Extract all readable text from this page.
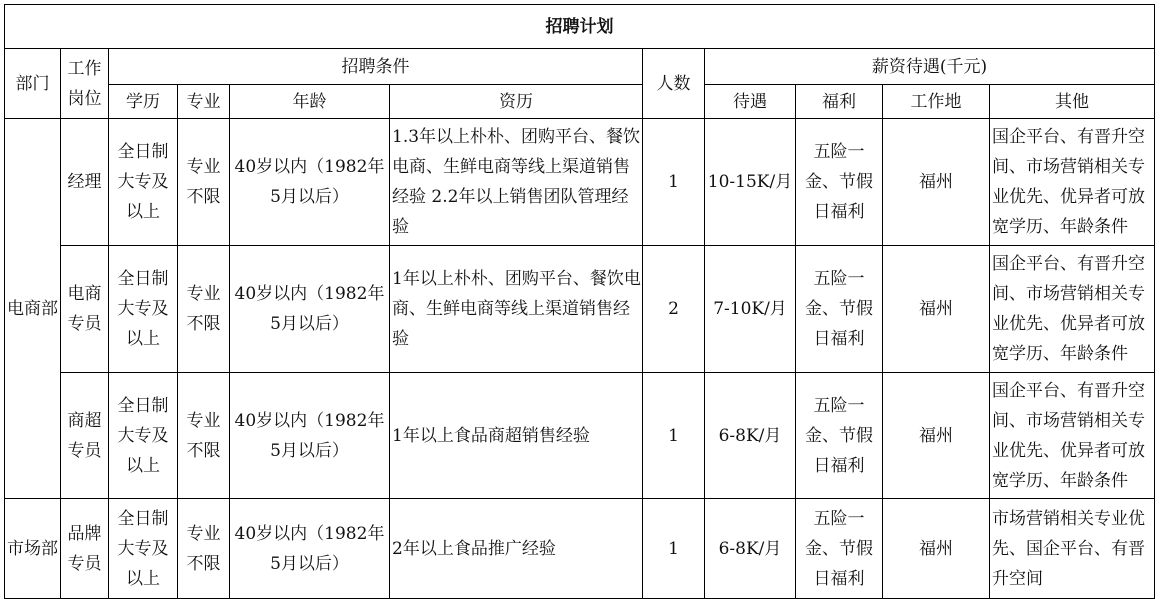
招聘计划										
部门	工作岗位	招聘条件				人数	薪资待遇(千元)			
		学历	专业	年龄	资历		待遇	福利	工作地	其他
电商部	经理	全日制大专及以上	专业不限	40岁以内（1982年5月以后）	1.3年以上朴朴、团购平台、餐饮电商、生鲜电商等线上渠道销售经验 2.2年以上销售团队管理经验	1	10-15K/月	五险一金、节假日福利	福州	国企平台、有晋升空间、市场营销相关专业优先、优异者可放宽学历、年龄条件
	电商专员	全日制大专及以上	专业不限	40岁以内（1982年5月以后）	1年以上朴朴、团购平台、餐饮电商、生鲜电商等线上渠道销售经验	2	7-10K/月	五险一金、节假日福利	福州	国企平台、有晋升空间、市场营销相关专业优先、优异者可放宽学历、年龄条件
	商超专员	全日制大专及以上	专业不限	40岁以内（1982年5月以后）	1年以上食品商超销售经验	1	6-8K/月	五险一金、节假日福利	福州	国企平台、有晋升空间、市场营销相关专业优先、优异者可放宽学历、年龄条件
市场部	品牌专员	全日制大专及以上	专业不限	40岁以内（1982年5月以后）	2年以上食品推广经验	1	6-8K/月	五险一金、节假日福利	福州	市场营销相关专业优先、国企平台、有晋升空间
